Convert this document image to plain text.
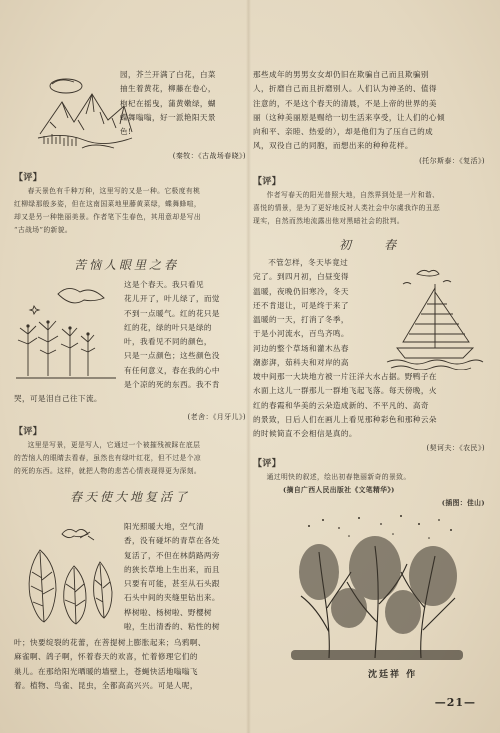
园，芥兰开满了白花，白菜

抽生着黄花，柳藤在卷心，

枸杞在摇曳，蒲黄嫩绿，蝴

蝶舞嗡嗡，好一派艳阳天景

色!

(秦牧：《古战场春晓》)

【评】

春天景色有千种万种，这里写的又是一种。它极度有桃

红柳绿那般多姿，但在这南国菜地里藤黄菜绿，蝶舞蜂喧，

却又是另一种艳丽美景。作者笔下生春色，其用意却是写出

“古战场”的新貌。

苦恼人眼里之春

这是个春天。我只看见

花儿开了，叶儿绿了，而觉

不到一点暖气。红的花只是

红的花，绿的叶只是绿的

叶，我看见不同的颜色，

只是一点颜色；这些颜色没

有任何意义，春在我的心中

是个凉的死的东西。我不肯

哭，可是泪自己往下流。

(老舍：《月牙儿》)

【评】

这里是写景，更是写人，它通过一个被摧残被踩在底层

的苦恼人的眼睛去看春，虽然也有绿叶红花，但不过是个凉

的死的东西。这样，就把人物的悲苦心情表现得更为深刻。

春天使大地复活了

阳光照暖大地，空气清

香，没有碰坏的青草在各处

复活了，不但在林荫路两旁

的狭长草地上生出来，而且

只要有可能，甚至从石头跟

石头中间的夹缝里钻出来。

桦树啦、杨树啦、野樱树

啦，生出清香的、粘性的树

叶；快要绽裂的花蕾，在菩提树上膨胀起来；乌鸦啊、

麻雀啊、鸽子啊，怀着春天的欢喜，忙着修理它们的

巢儿。在那给阳光晒暖的墙壁上，苍蝇快活地嗡嗡飞

着。植物、鸟雀、昆虫，全都高高兴兴。可是人呢，

那些成年的男男女女却仍旧在欺骗自己而且欺骗别

人，折磨自己而且折磨别人。人们认为神圣的、值得

注意的，不是这个春天的清晨，不是上帝的世界的美

丽（这种美丽原是赐给一切生活来享受，让人们的心倾

向和平、亲睦、热爱的），却是他们为了压自己的成

风，双役自己的同胞，而想出来的种种花样。

(托尔斯泰：《复活》)

【评】

作者写春天的阳光普照大地，自然界到处是一片和谐、

喜悦的情景，是为了更好地反衬人类社会中尔虞我诈的丑恶

现实，自然而然地流露出他对黑暗社会的批判。

初　　春

不管怎样，冬天毕竟过

完了。到四月初，白昼变得

温暖，夜晚仍旧寒冷，冬天

还不肯退让，可是终于来了

温暖的一天，打消了冬季，

于是小河流水，百鸟齐鸣。

河边的整个草场和灌木丛春

潮澎湃，茹科夫和对岸的高

坡中间那一大块地方被一片汪洋大水占据。野鸭子在

水面上这儿一群那儿一群地飞起飞落。每天傍晚，火

红的春霞和华美的云朵造成新的、不平凡的、高奇

的景致，日后人们在画儿上看见那种彩色和那种云朵

的时候简直不会相信是真的。

(契诃夫：《农民》)

【评】

通过明快的叙述，绘出初春艳丽新奇的景致。

(摘自广西人民出版社《文笔精华》)

(插图：佳山)

沈廷祥 作
—21—
